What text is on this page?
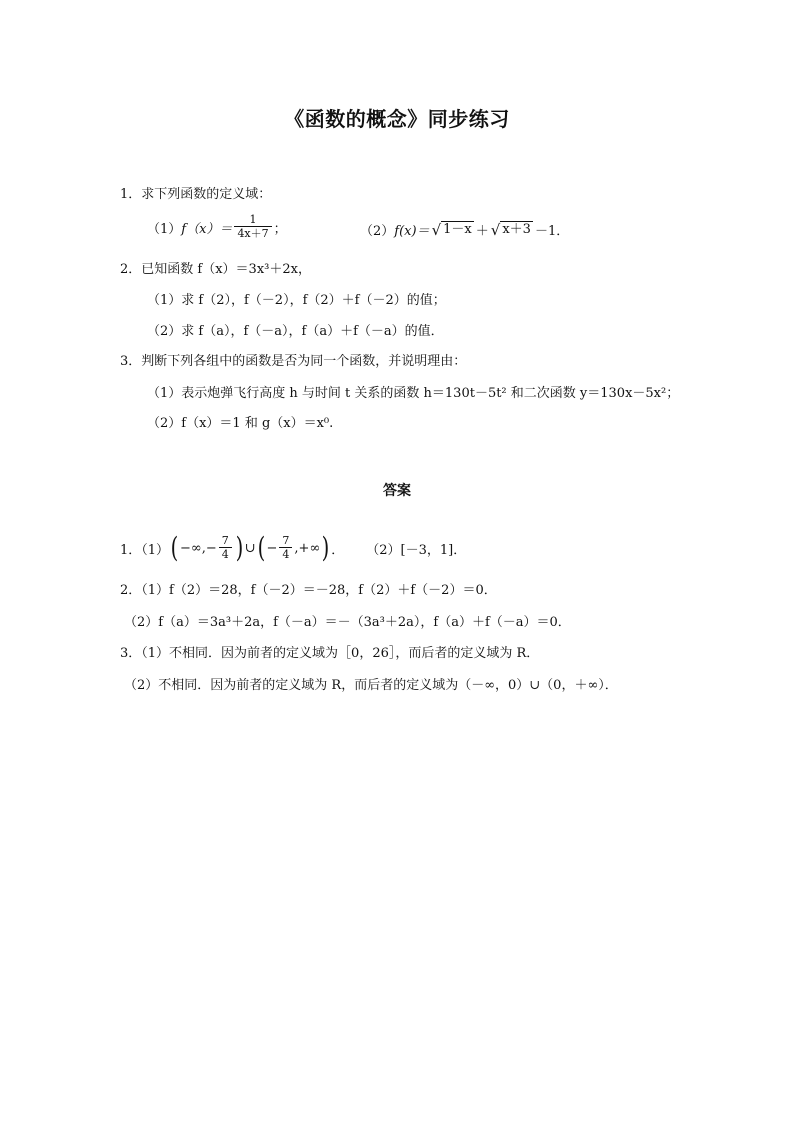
《函数的概念》同步练习
1．求下列函数的定义域：
（1） $f(x)= \frac{1}{4x+7}$ ；	（2） f(x)＝ √ 1－x ＋ √ x＋3 －1．
2．已知函数 f（x）＝3x³＋2x，
（1）求 f（2），f（－2），f（2）＋f（－2）的值；
（2）求 f（a），f（－a），f（a）＋f（－a）的值．
3．判断下列各组中的函数是否为同一个函数，并说明理由：
（1）表示炮弹飞行高度 h 与时间 t 关系的函数 h＝130t－5t² 和二次函数 y＝130x－5x²；
（2）f（x）＝1 和 g（x）＝x⁰.
答案
1．（1） ( −∞,− $\frac{7}{4}$ ) ∪ ( − $\frac{7}{4}$ ,+∞ ) ． （2）[－3，1]．
2．（1）f（2）＝28，f（－2）＝－28，f（2）＋f（－2）＝0．
（2）f（a）＝3a³＋2a，f（－a）＝－（3a³＋2a），f（a）＋f（－a）＝0．
3．（1）不相同．因为前者的定义域为［0，26］，而后者的定义域为 R．
（2）不相同．因为前者的定义域为 R，而后者的定义域为（－∞，0）∪（0，＋∞）．
